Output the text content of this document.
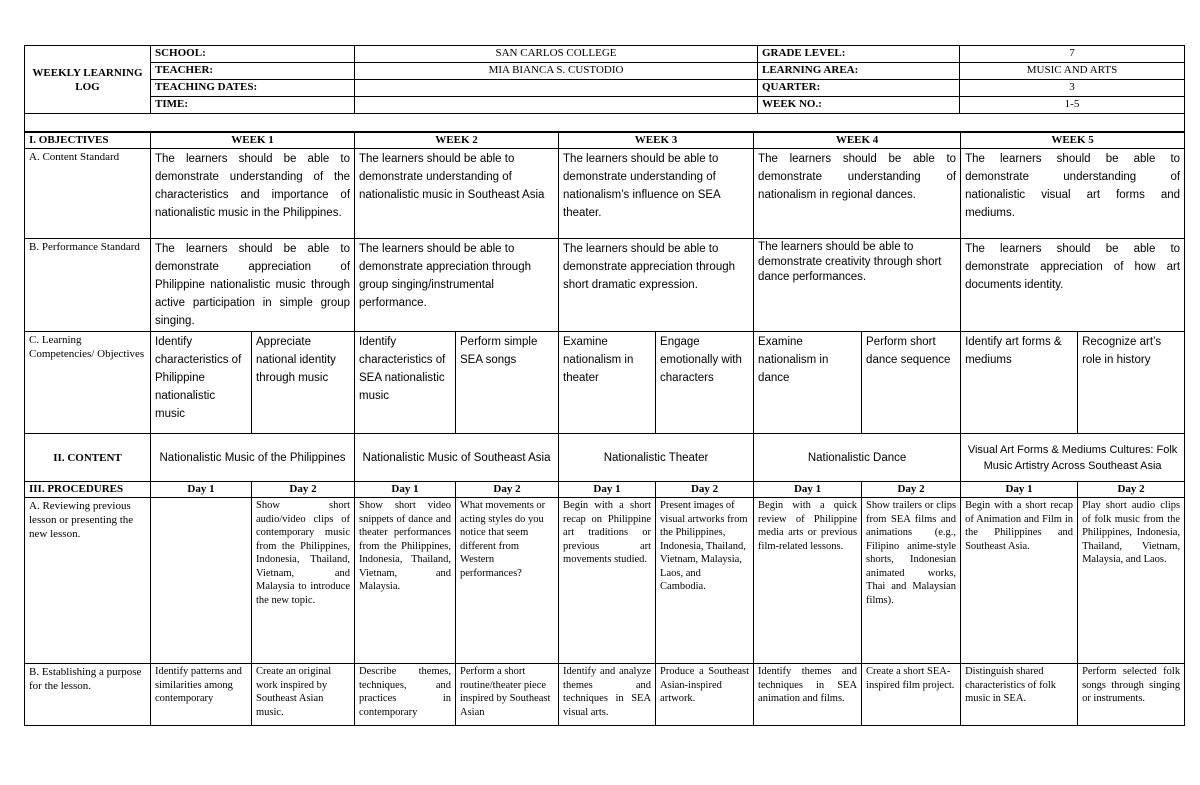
WEEKLY LEARNING LOG	SCHOOL:	SAN CARLOS COLLEGE	GRADE LEVEL:	7
	TEACHER:	MIA BIANCA S. CUSTODIO	LEARNING AREA:	MUSIC AND ARTS
	TEACHING DATES:		QUARTER:	3
	TIME:		WEEK NO.:	1-5

I. OBJECTIVES	WEEK 1		WEEK 2		WEEK 3		WEEK 4		WEEK 5	
A. Content Standard	The learners should be able to demonstrate understanding of the characteristics and importance of nationalistic music in the Philippines.		The learners should be able to demonstrate understanding of nationalistic music in Southeast Asia		The learners should be able to demonstrate understanding of nationalism’s influence on SEA theater.		The learners should be able to demonstrate understanding of nationalism in regional dances.		The learners should be able to demonstrate understanding of nationalistic visual art forms and mediums.	
B. Performance Standard	The learners should be able to demonstrate appreciation of Philippine nationalistic music through active participation in simple group singing.		The learners should be able to demonstrate appreciation through group singing/instrumental performance.		The learners should be able to demonstrate appreciation through short dramatic expression.		The learners should be able to demonstrate creativity through short dance performances.		The learners should be able to demonstrate appreciation of how art documents identity.	
C. Learning Competencies/ Objectives	Identify characteristics of Philippine nationalistic music	Appreciate national identity through music	Identify characteristics of SEA nationalistic music	Perform simple SEA songs	Examine nationalism in theater	Engage emotionally with characters	Examine nationalism in dance	Perform short dance sequence	Identify art forms & mediums	Recognize art’s role in history
II. CONTENT	Nationalistic Music of the Philippines		Nationalistic Music of Southeast Asia		Nationalistic Theater		Nationalistic Dance		Visual Art Forms & Mediums Cultures: Folk Music Artistry Across Southeast Asia	
III. PROCEDURES	Day 1	Day 2	Day 1	Day 2	Day 1	Day 2	Day 1	Day 2	Day 1	Day 2
A. Reviewing previous lesson or presenting the new lesson.		Show short audio/video clips of contemporary music from the Philippines, Indonesia, Thailand, Vietnam, and Malaysia to introduce the new topic.	Show short video snippets of dance and theater performances from the Philippines, Indonesia, Thailand, Vietnam, and Malaysia.	What movements or acting styles do you notice that seem different from Western performances?	Begin with a short recap on Philippine art traditions or previous art movements studied.	Present images of visual artworks from the Philippines, Indonesia, Thailand, Vietnam, Malaysia, Laos, and Cambodia.	Begin with a quick review of Philippine media arts or previous film-related lessons.	Show trailers or clips from SEA films and animations (e.g., Filipino anime-style shorts, Indonesian animated works, Thai and Malaysian films).	Begin with a short recap of Animation and Film in the Philippines and Southeast Asia.	Play short audio clips of folk music from the Philippines, Indonesia, Thailand, Vietnam, Malaysia, and Laos.
B. Establishing a purpose for the lesson.	Identify patterns and similarities among contemporary	Create an original work inspired by Southeast Asian music.	Describe themes, techniques, and practices in contemporary	Perform a short routine/theater piece inspired by Southeast Asian	Identify and analyze themes and techniques in SEA visual arts.	Produce a Southeast Asian-inspired artwork.	Identify themes and techniques in SEA animation and films.	Create a short SEA-inspired film project.	Distinguish shared characteristics of folk music in SEA.	Perform selected folk songs through singing or instruments.
